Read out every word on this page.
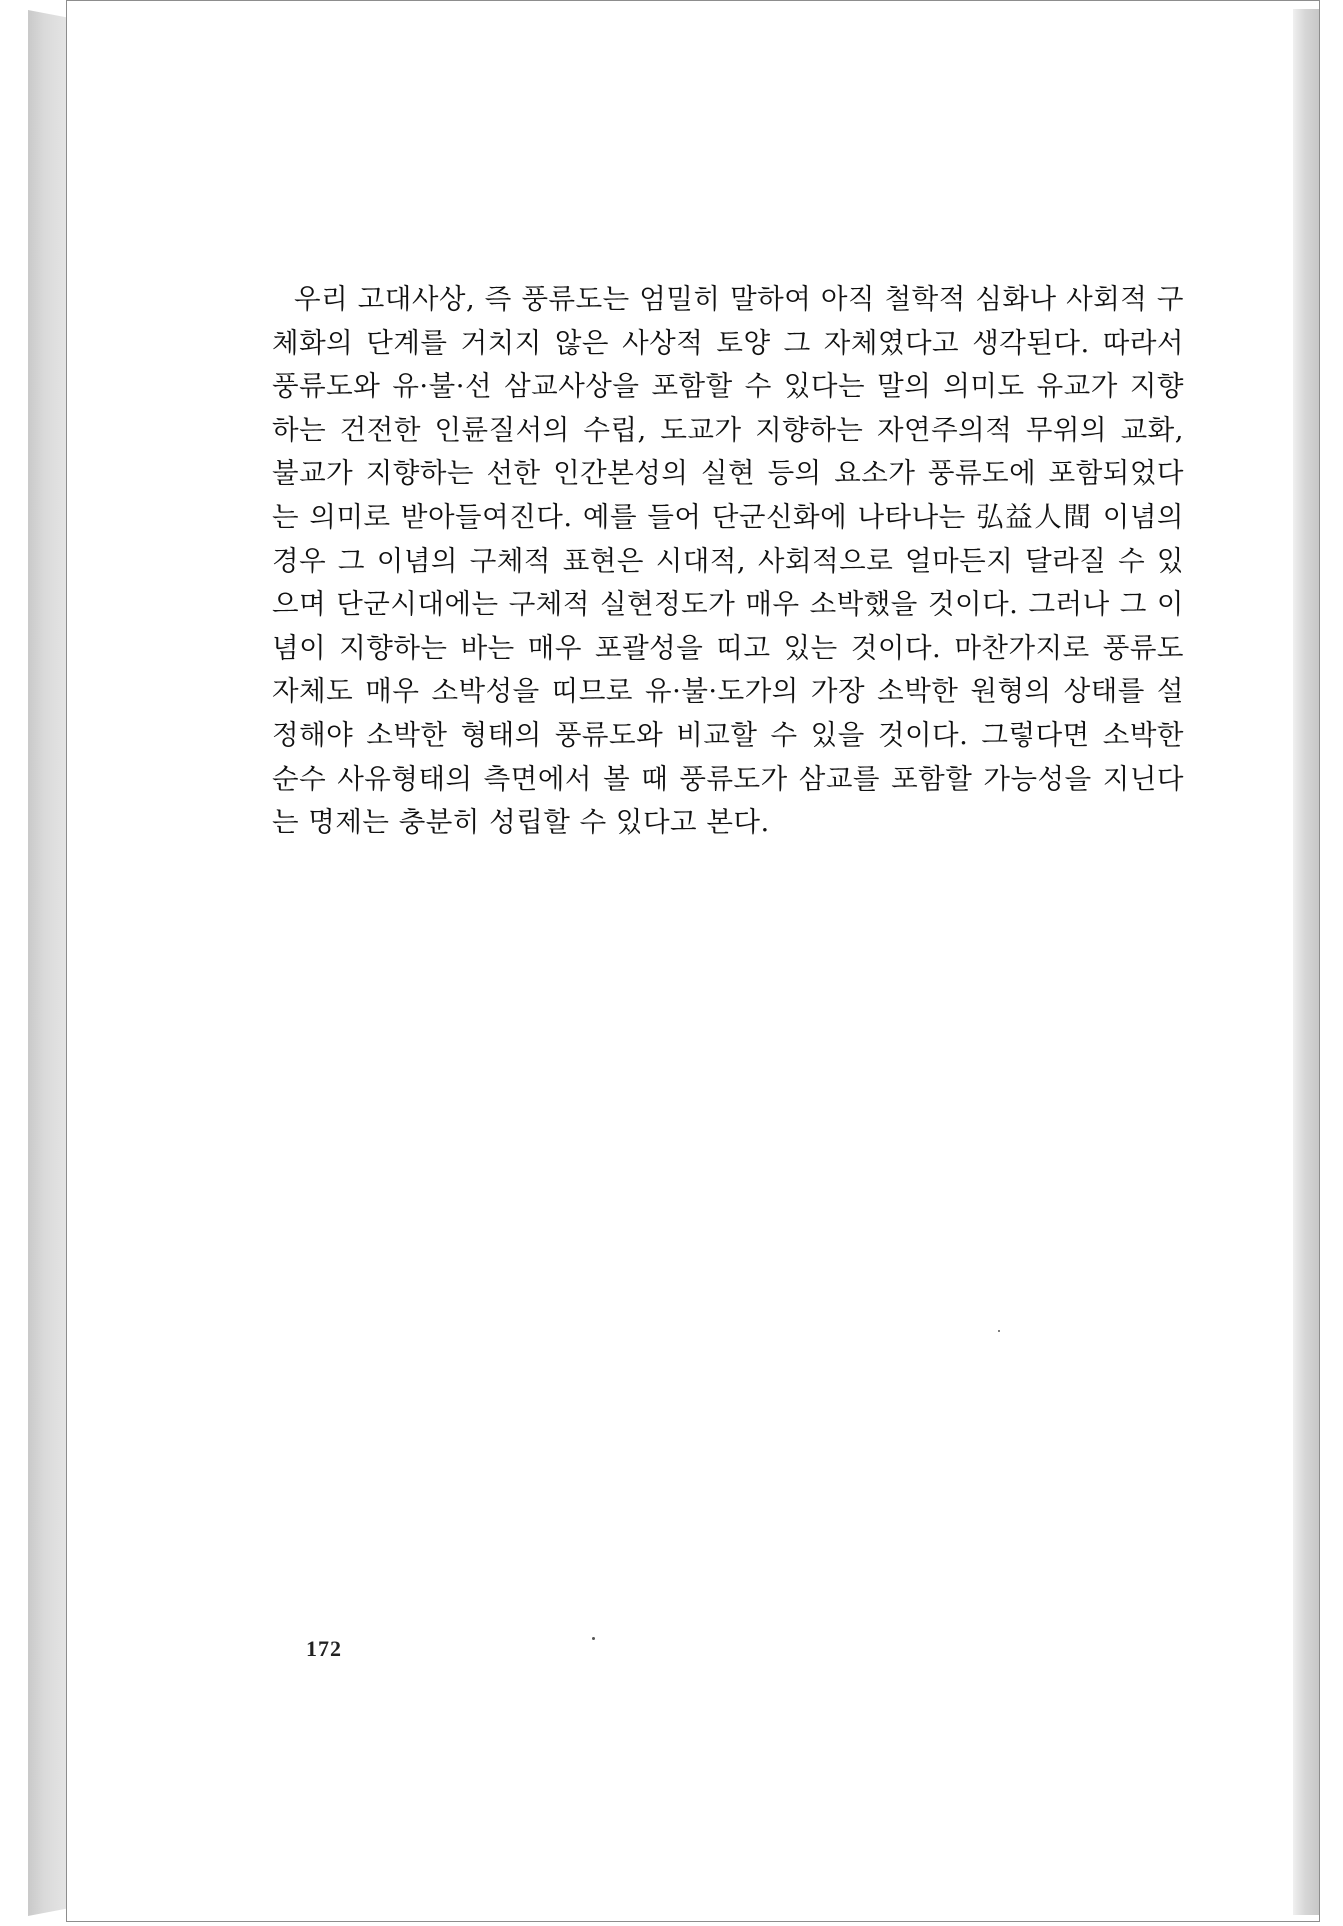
우리 고대사상, 즉 풍류도는 엄밀히 말하여 아직 철학적 심화나 사회적 구체화의 단계를 거치지 않은 사상적 토양 그 자체였다고 생각된다. 따라서 풍류도와 유·불·선 삼교사상을 포함할 수 있다는 말의 의미도 유교가 지향하는 건전한 인륜질서의 수립, 도교가 지향하는 자연주의적 무위의 교화, 불교가 지향하는 선한 인간본성의 실현 등의 요소가 풍류도에 포함되었다는 의미로 받아들여진다. 예를 들어 단군신화에 나타나는 弘益人間 이념의 경우 그 이념의 구체적 표현은 시대적, 사회적으로 얼마든지 달라질 수 있으며 단군시대에는 구체적 실현정도가 매우 소박했을 것이다. 그러나 그 이념이 지향하는 바는 매우 포괄성을 띠고 있는 것이다. 마찬가지로 풍류도 자체도 매우 소박성을 띠므로 유·불·도가의 가장 소박한 원형의 상태를 설정해야 소박한 형태의 풍류도와 비교할 수 있을 것이다. 그렇다면 소박한 순수 사유형태의 측면에서 볼 때 풍류도가 삼교를 포함할 가능성을 지닌다는 명제는 충분히 성립할 수 있다고 본다.

172
